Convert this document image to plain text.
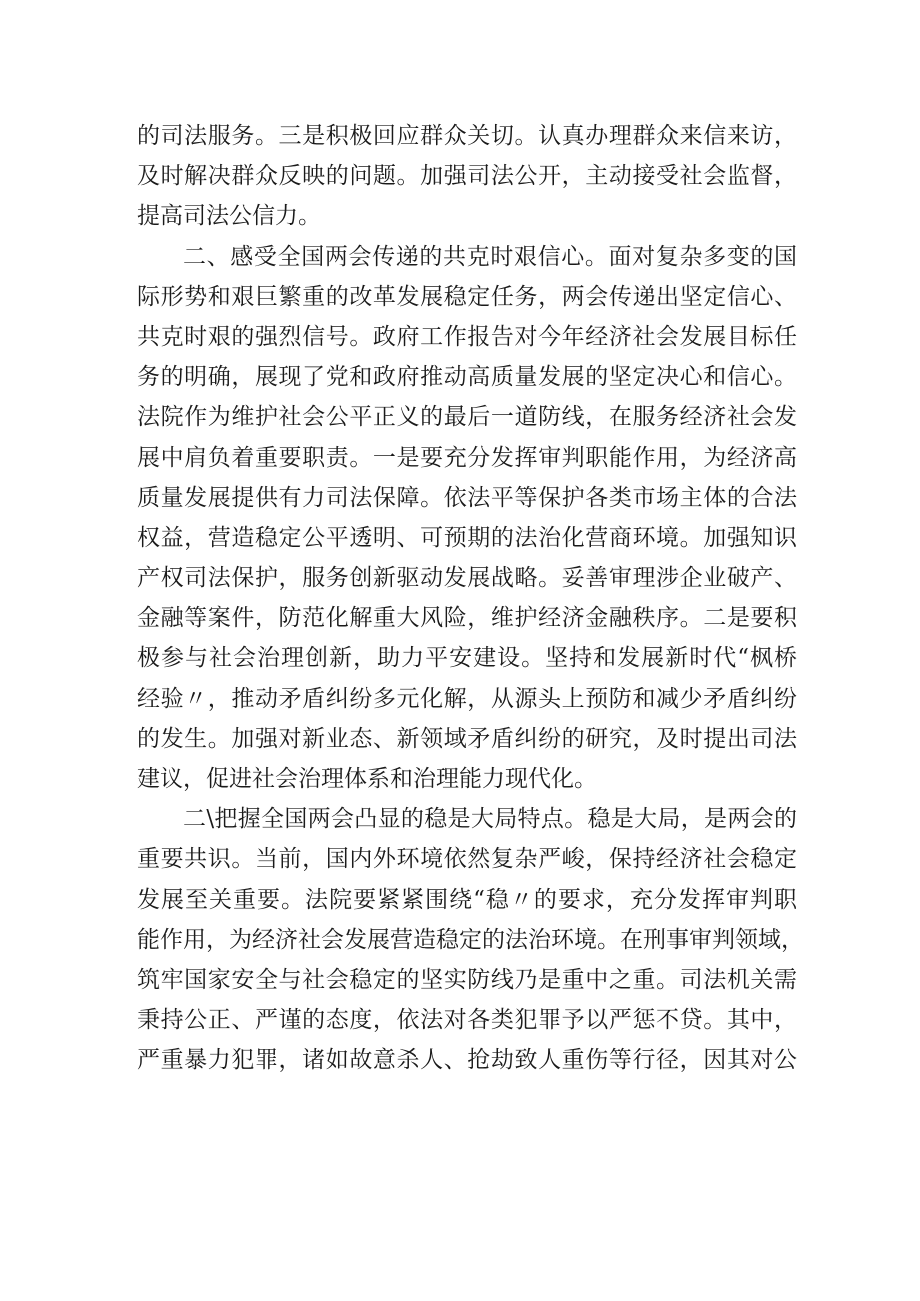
的司法服务。三是积极回应群众关切。认真办理群众来信来访，
及时解决群众反映的问题。加强司法公开，主动接受社会监督，
提高司法公信力。
二、感受全国两会传递的共克时艰信心。面对复杂多变的国
际形势和艰巨繁重的改革发展稳定任务，两会传递出坚定信心、
共克时艰的强烈信号。政府工作报告对今年经济社会发展目标任
务的明确，展现了党和政府推动高质量发展的坚定决心和信心。
法院作为维护社会公平正义的最后一道防线，在服务经济社会发
展中肩负着重要职责。一是要充分发挥审判职能作用，为经济高
质量发展提供有力司法保障。依法平等保护各类市场主体的合法
权益，营造稳定公平透明、可预期的法治化营商环境。加强知识
产权司法保护，服务创新驱动发展战略。妥善审理涉企业破产、
金融等案件，防范化解重大风险，维护经济金融秩序。二是要积
极参与社会治理创新，助力平安建设。坚持和发展新时代“枫桥
经验〃，推动矛盾纠纷多元化解，从源头上预防和减少矛盾纠纷
的发生。加强对新业态、新领域矛盾纠纷的研究，及时提出司法
建议，促进社会治理体系和治理能力现代化。
二\把握全国两会凸显的稳是大局特点。稳是大局，是两会的
重要共识。当前，国内外环境依然复杂严峻，保持经济社会稳定
发展至关重要。法院要紧紧围绕“稳〃的要求，充分发挥审判职
能作用，为经济社会发展营造稳定的法治环境。在刑事审判领域，
筑牢国家安全与社会稳定的坚实防线乃是重中之重。司法机关需
秉持公正、严谨的态度，依法对各类犯罪予以严惩不贷。其中，
严重暴力犯罪，诸如故意杀人、抢劫致人重伤等行径，因其对公
